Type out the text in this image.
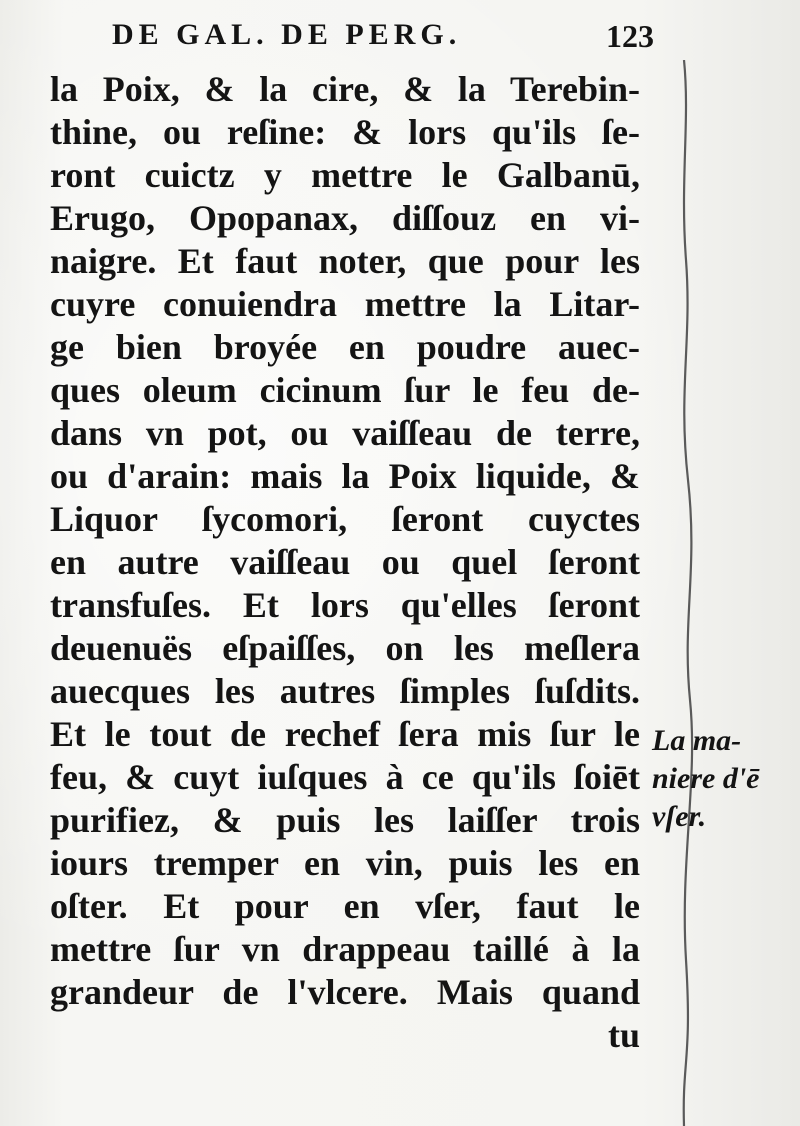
DE GAL. DE PERG.	123
la Poix, & la cire, & la Terebin-
thine, ou reſine: & lors qu'ils ſe-
ront cuictz y mettre le Galbanū,
Erugo, Opopanax, diſſouz en vi-
naigre. Et faut noter, que pour les
cuyre conuiendra mettre la Litar-
ge bien broyée en poudre auec-
ques oleum cicinum ſur le feu de-
dans vn pot, ou vaiſſeau de terre,
ou d'arain: mais la Poix liquide, &
Liquor ſycomori, ſeront cuyctes
en autre vaiſſeau ou quel ſeront
transfuſes. Et lors qu'elles ſeront
deuenuës eſpaiſſes, on les meſlera
auecques les autres ſimples ſuſdits.
Et le tout de rechef ſera mis ſur le
feu, & cuyt iuſques à ce qu'ils ſoiēt
purifiez, & puis les laiſſer trois
iours tremper en vin, puis les en
oſter. Et pour en vſer, faut le
mettre ſur vn drappeau taillé à la
grandeur de l'vlcere. Mais quand
tu
La ma-
niere d'ē
vſer.
